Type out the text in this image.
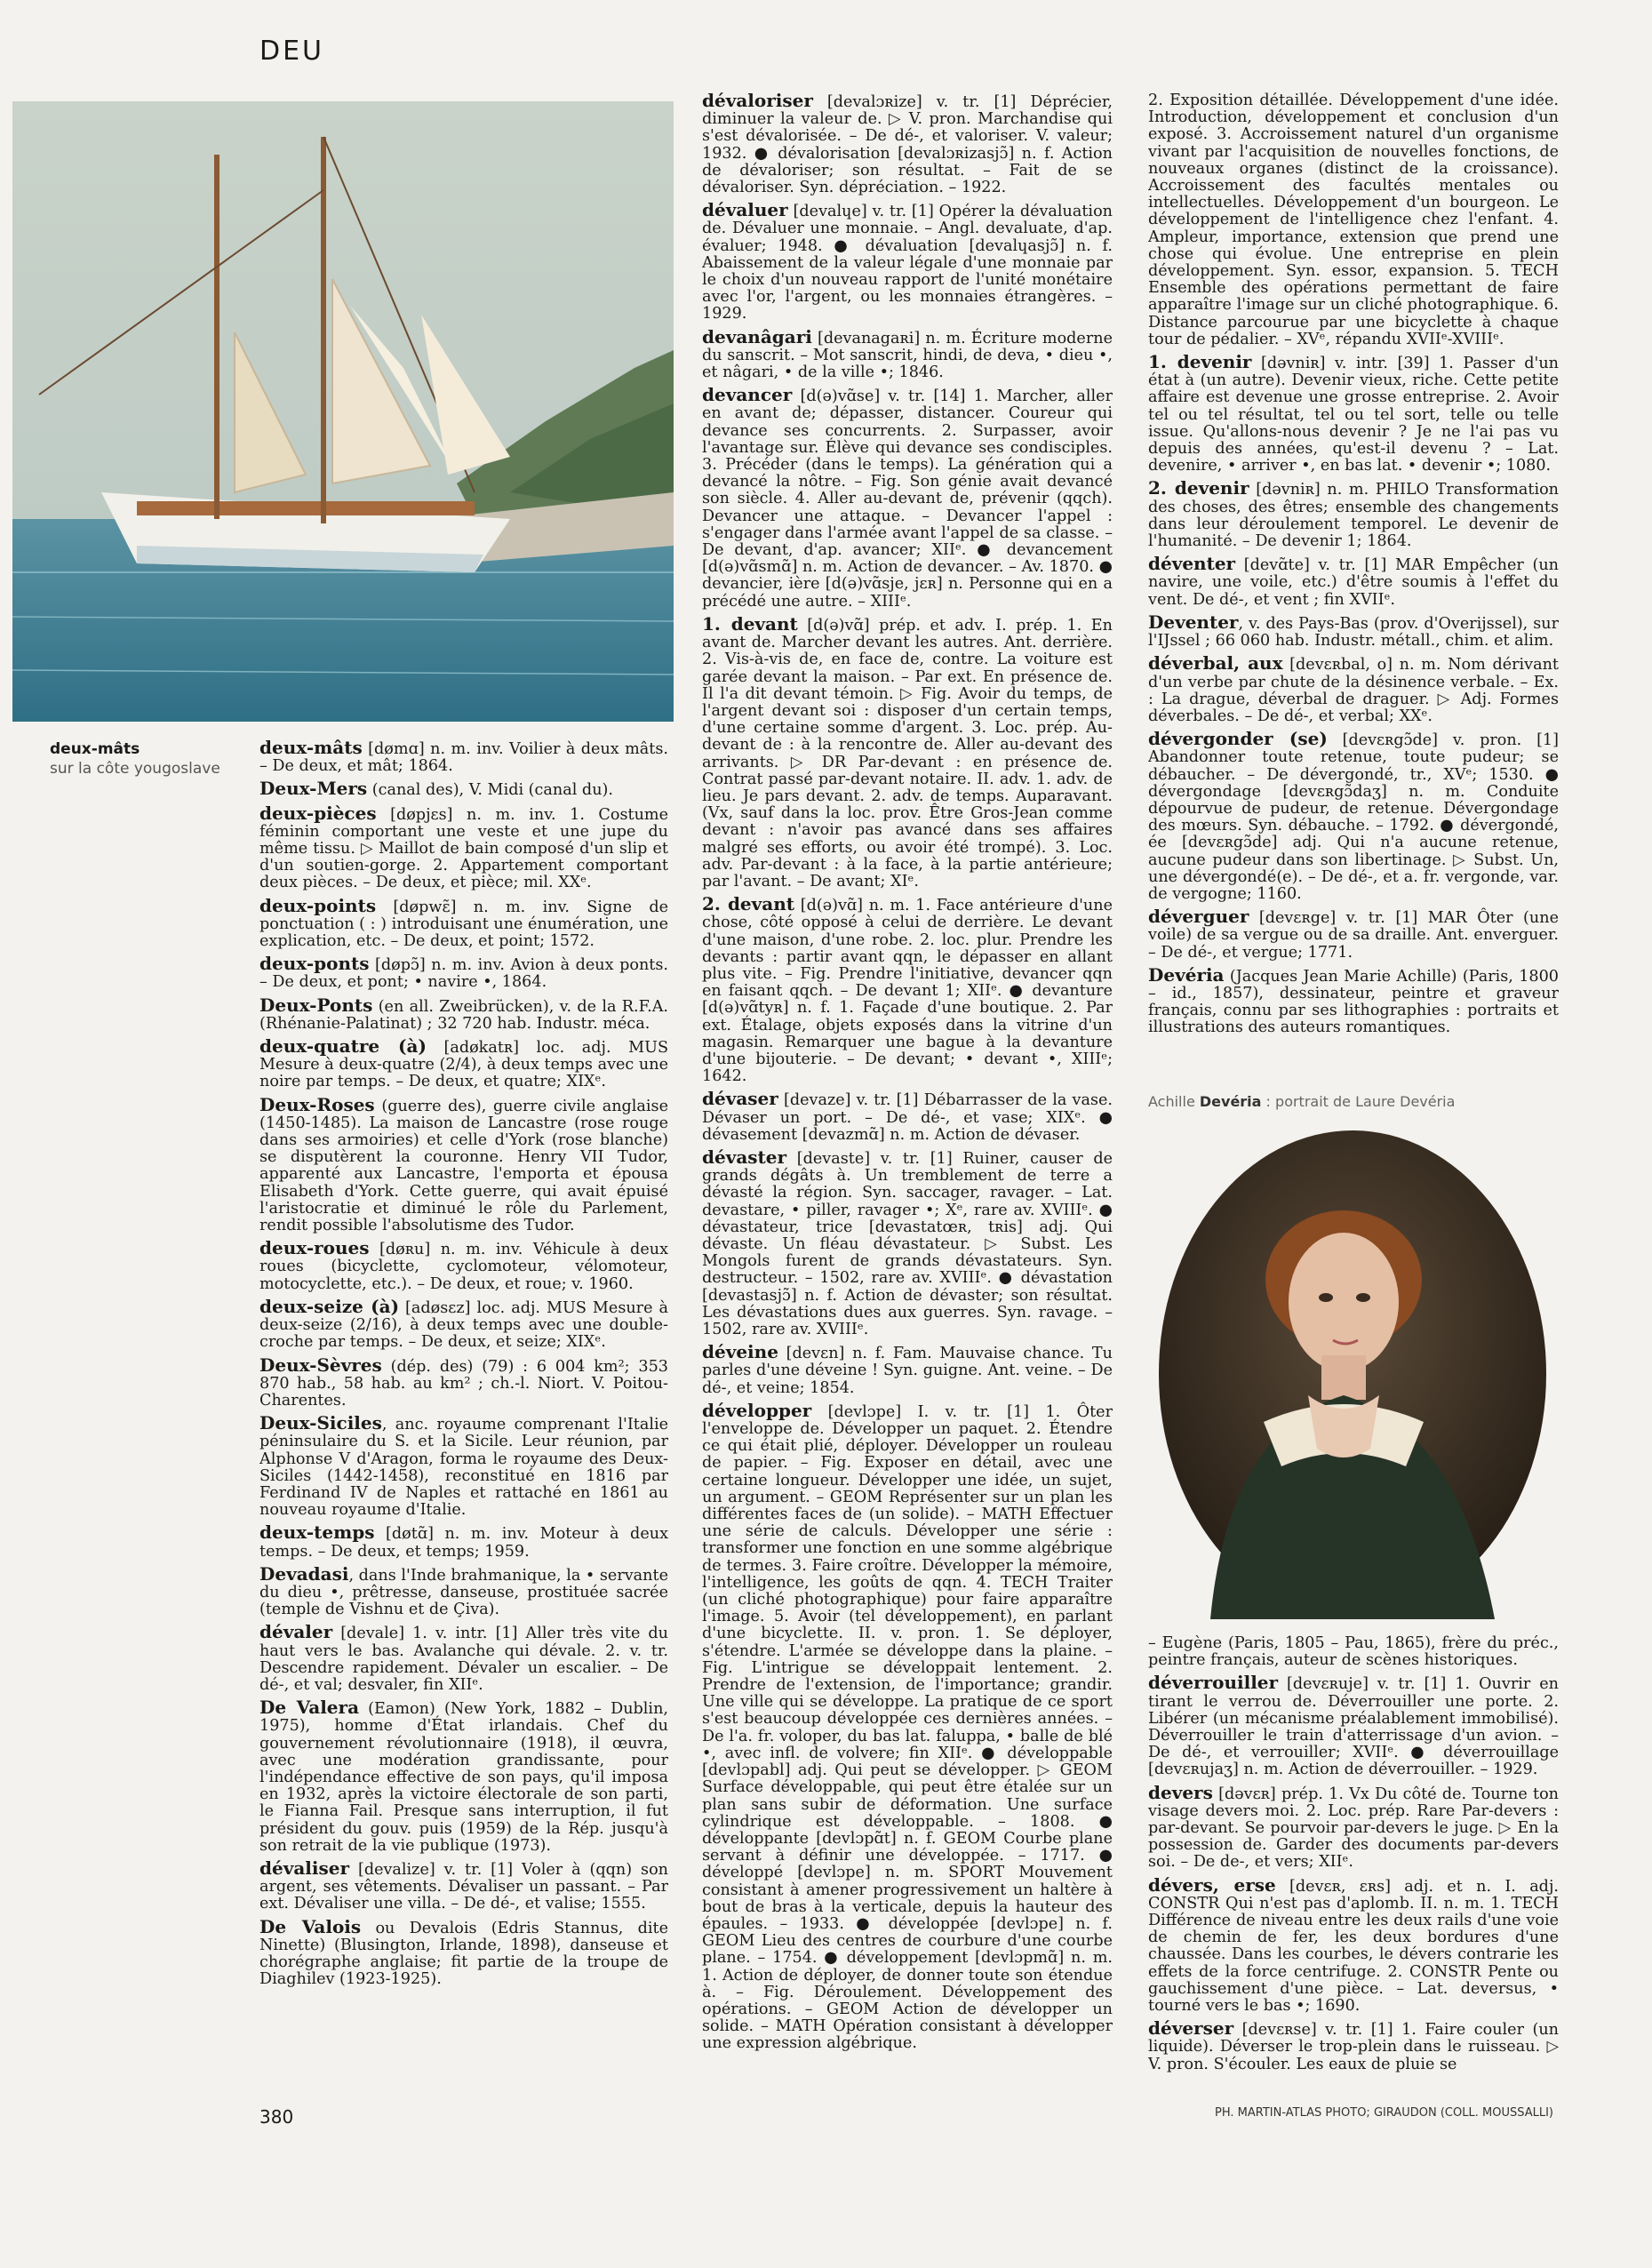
DEU
deux-mâts
sur la côte yougoslave

deux-mâts [dømɑ] n. m. inv. Voilier à deux mâts. – De deux, et mât; 1864.

Deux-Mers (canal des), V. Midi (canal du).

deux-pièces [døpjɛs] n. m. inv. 1. Costume féminin comportant une veste et une jupe du même tissu. ▷ Maillot de bain composé d'un slip et d'un soutien-gorge. 2. Appartement comportant deux pièces. – De deux, et pièce; mil. XXᵉ.

deux-points [døpwɛ̃] n. m. inv. Signe de ponctuation ( : ) introduisant une énumération, une explication, etc. – De deux, et point; 1572.

deux-ponts [døpɔ̃] n. m. inv. Avion à deux ponts. – De deux, et pont; • navire •, 1864.

Deux-Ponts (en all. Zweibrücken), v. de la R.F.A. (Rhénanie-Palatinat) ; 32 720 hab. Industr. méca.

deux-quatre (à) [adøkatʀ] loc. adj. MUS Mesure à deux-quatre (2/4), à deux temps avec une noire par temps. – De deux, et quatre; XIXᵉ.

Deux-Roses (guerre des), guerre civile anglaise (1450-1485). La maison de Lancastre (rose rouge dans ses armoiries) et celle d'York (rose blanche) se disputèrent la couronne. Henry VII Tudor, apparenté aux Lancastre, l'emporta et épousa Elisabeth d'York. Cette guerre, qui avait épuisé l'aristocratie et diminué le rôle du Parlement, rendit possible l'absolutisme des Tudor.

deux-roues [døʀu] n. m. inv. Véhicule à deux roues (bicyclette, cyclomoteur, vélomoteur, motocyclette, etc.). – De deux, et roue; v. 1960.

deux-seize (à) [adøsɛz] loc. adj. MUS Mesure à deux-seize (2/16), à deux temps avec une double-croche par temps. – De deux, et seize; XIXᵉ.

Deux-Sèvres (dép. des) (79) : 6 004 km²; 353 870 hab., 58 hab. au km² ; ch.-l. Niort. V. Poitou-Charentes.

Deux-Siciles, anc. royaume comprenant l'Italie péninsulaire du S. et la Sicile. Leur réunion, par Alphonse V d'Aragon, forma le royaume des Deux-Siciles (1442-1458), reconstitué en 1816 par Ferdinand IV de Naples et rattaché en 1861 au nouveau royaume d'Italie.

deux-temps [døtɑ̃] n. m. inv. Moteur à deux temps. – De deux, et temps; 1959.

Devadasi, dans l'Inde brahmanique, la • servante du dieu •, prêtresse, danseuse, prostituée sacrée (temple de Vishnu et de Çiva).

dévaler [devale] 1. v. intr. [1] Aller très vite du haut vers le bas. Avalanche qui dévale. 2. v. tr. Descendre rapidement. Dévaler un escalier. – De dé-, et val; desvaler, fin XIIᵉ.

De Valera (Eamon) (New York, 1882 – Dublin, 1975), homme d'État irlandais. Chef du gouvernement révolutionnaire (1918), il œuvra, avec une modération grandissante, pour l'indépendance effective de son pays, qu'il imposa en 1932, après la victoire électorale de son parti, le Fianna Fail. Presque sans interruption, il fut président du gouv. puis (1959) de la Rép. jusqu'à son retrait de la vie publique (1973).

dévaliser [devalize] v. tr. [1] Voler à (qqn) son argent, ses vêtements. Dévaliser un passant. – Par ext. Dévaliser une villa. – De dé-, et valise; 1555.

De Valois ou Devalois (Edris Stannus, dite Ninette) (Blusington, Irlande, 1898), danseuse et chorégraphe anglaise; fit partie de la troupe de Diaghilev (1923-1925).

dévaloriser [devalɔʀize] v. tr. [1] Déprécier, diminuer la valeur de. ▷ V. pron. Marchandise qui s'est dévalorisée. – De dé-, et valoriser. V. valeur; 1932. ● dévalorisation [devalɔʀizasjɔ̃] n. f. Action de dévaloriser; son résultat. – Fait de se dévaloriser. Syn. dépréciation. – 1922.

dévaluer [devalɥe] v. tr. [1] Opérer la dévaluation de. Dévaluer une monnaie. – Angl. devaluate, d'ap. évaluer; 1948. ● dévaluation [devalɥasjɔ̃] n. f. Abaissement de la valeur légale d'une monnaie par le choix d'un nouveau rapport de l'unité monétaire avec l'or, l'argent, ou les monnaies étrangères. – 1929.

devanâgari [devanagaʀi] n. m. Écriture moderne du sanscrit. – Mot sanscrit, hindi, de deva, • dieu •, et nâgari, • de la ville •; 1846.

devancer [d(ə)vɑ̃se] v. tr. [14] 1. Marcher, aller en avant de; dépasser, distancer. Coureur qui devance ses concurrents. 2. Surpasser, avoir l'avantage sur. Élève qui devance ses condisciples. 3. Précéder (dans le temps). La génération qui a devancé la nôtre. – Fig. Son génie avait devancé son siècle. 4. Aller au-devant de, prévenir (qqch). Devancer une attaque. – Devancer l'appel : s'engager dans l'armée avant l'appel de sa classe. – De devant, d'ap. avancer; XIIᵉ. ● devancement [d(ə)vɑ̃smɑ̃] n. m. Action de devancer. – Av. 1870. ● devancier, ière [d(ə)vɑ̃sje, jɛʀ] n. Personne qui en a précédé une autre. – XIIIᵉ.

1. devant [d(ə)vɑ̃] prép. et adv. I. prép. 1. En avant de. Marcher devant les autres. Ant. derrière. 2. Vis-à-vis de, en face de, contre. La voiture est garée devant la maison. – Par ext. En présence de. Il l'a dit devant témoin. ▷ Fig. Avoir du temps, de l'argent devant soi : disposer d'un certain temps, d'une certaine somme d'argent. 3. Loc. prép. Au-devant de : à la rencontre de. Aller au-devant des arrivants. ▷ DR Par-devant : en présence de. Contrat passé par-devant notaire. II. adv. 1. adv. de lieu. Je pars devant. 2. adv. de temps. Auparavant. (Vx, sauf dans la loc. prov. Être Gros-Jean comme devant : n'avoir pas avancé dans ses affaires malgré ses efforts, ou avoir été trompé). 3. Loc. adv. Par-devant : à la face, à la partie antérieure; par l'avant. – De avant; XIᵉ.

2. devant [d(ə)vɑ̃] n. m. 1. Face antérieure d'une chose, côté opposé à celui de derrière. Le devant d'une maison, d'une robe. 2. loc. plur. Prendre les devants : partir avant qqn, le dépasser en allant plus vite. – Fig. Prendre l'initiative, devancer qqn en faisant qqch. – De devant 1; XIIᵉ. ● devanture [d(ə)vɑ̃tyʀ] n. f. 1. Façade d'une boutique. 2. Par ext. Étalage, objets exposés dans la vitrine d'un magasin. Remarquer une bague à la devanture d'une bijouterie. – De devant; • devant •, XIIIᵉ; 1642.

dévaser [devaze] v. tr. [1] Débarrasser de la vase. Dévaser un port. – De dé-, et vase; XIXᵉ. ● dévasement [devazmɑ̃] n. m. Action de dévaser.

dévaster [devaste] v. tr. [1] Ruiner, causer de grands dégâts à. Un tremblement de terre a dévasté la région. Syn. saccager, ravager. – Lat. devastare, • piller, ravager •; Xᵉ, rare av. XVIIIᵉ. ● dévastateur, trice [devastatœʀ, tʀis] adj. Qui dévaste. Un fléau dévastateur. ▷ Subst. Les Mongols furent de grands dévastateurs. Syn. destructeur. – 1502, rare av. XVIIIᵉ. ● dévastation [devastasjɔ̃] n. f. Action de dévaster; son résultat. Les dévastations dues aux guerres. Syn. ravage. – 1502, rare av. XVIIIᵉ.

déveine [devɛn] n. f. Fam. Mauvaise chance. Tu parles d'une déveine ! Syn. guigne. Ant. veine. – De dé-, et veine; 1854.

développer [devlɔpe] I. v. tr. [1] 1. Ôter l'enveloppe de. Développer un paquet. 2. Étendre ce qui était plié, déployer. Développer un rouleau de papier. – Fig. Exposer en détail, avec une certaine longueur. Développer une idée, un sujet, un argument. – GEOM Représenter sur un plan les différentes faces de (un solide). – MATH Effectuer une série de calculs. Développer une série : transformer une fonction en une somme algébrique de termes. 3. Faire croître. Développer la mémoire, l'intelligence, les goûts de qqn. 4. TECH Traiter (un cliché photographique) pour faire apparaître l'image. 5. Avoir (tel développement), en parlant d'une bicyclette. II. v. pron. 1. Se déployer, s'étendre. L'armée se développe dans la plaine. – Fig. L'intrigue se développait lentement. 2. Prendre de l'extension, de l'importance; grandir. Une ville qui se développe. La pratique de ce sport s'est beaucoup développée ces dernières années. – De l'a. fr. voloper, du bas lat. faluppa, • balle de blé •, avec infl. de volvere; fin XIIᵉ. ● développable [devlɔpabl] adj. Qui peut se développer. ▷ GEOM Surface développable, qui peut être étalée sur un plan sans subir de déformation. Une surface cylindrique est développable. – 1808. ● développante [devlɔpɑ̃t] n. f. GEOM Courbe plane servant à définir une développée. – 1717. ● développé [devlɔpe] n. m. SPORT Mouvement consistant à amener progressivement un haltère à bout de bras à la verticale, depuis la hauteur des épaules. – 1933. ● développée [devlɔpe] n. f. GEOM Lieu des centres de courbure d'une courbe plane. – 1754. ● développement [devlɔpmɑ̃] n. m. 1. Action de déployer, de donner toute son étendue à. – Fig. Déroulement. Développement des opérations. – GEOM Action de développer un solide. – MATH Opération consistant à développer une expression algébrique.

2. Exposition détaillée. Développement d'une idée. Introduction, développement et conclusion d'un exposé. 3. Accroissement naturel d'un organisme vivant par l'acquisition de nouvelles fonctions, de nouveaux organes (distinct de la croissance). Accroissement des facultés mentales ou intellectuelles. Développement d'un bourgeon. Le développement de l'intelligence chez l'enfant. 4. Ampleur, importance, extension que prend une chose qui évolue. Une entreprise en plein développement. Syn. essor, expansion. 5. TECH Ensemble des opérations permettant de faire apparaître l'image sur un cliché photographique. 6. Distance parcourue par une bicyclette à chaque tour de pédalier. – XVᵉ, répandu XVIIᵉ-XVIIIᵉ.

1. devenir [dəvniʀ] v. intr. [39] 1. Passer d'un état à (un autre). Devenir vieux, riche. Cette petite affaire est devenue une grosse entreprise. 2. Avoir tel ou tel résultat, tel ou tel sort, telle ou telle issue. Qu'allons-nous devenir ? Je ne l'ai pas vu depuis des années, qu'est-il devenu ? – Lat. devenire, • arriver •, en bas lat. • devenir •; 1080.

2. devenir [dəvniʀ] n. m. PHILO Transformation des choses, des êtres; ensemble des changements dans leur déroulement temporel. Le devenir de l'humanité. – De devenir 1; 1864.

déventer [devɑ̃te] v. tr. [1] MAR Empêcher (un navire, une voile, etc.) d'être soumis à l'effet du vent. De dé-, et vent ; fin XVIIᵉ.

Deventer, v. des Pays-Bas (prov. d'Overijssel), sur l'IJssel ; 66 060 hab. Industr. métall., chim. et alim.

déverbal, aux [devɛʀbal, o] n. m. Nom dérivant d'un verbe par chute de la désinence verbale. – Ex. : La drague, déverbal de draguer. ▷ Adj. Formes déverbales. – De dé-, et verbal; XXᵉ.

dévergonder (se) [devɛʀgɔ̃de] v. pron. [1] Abandonner toute retenue, toute pudeur; se débaucher. – De dévergondé, tr., XVᵉ; 1530. ● dévergondage [devɛʀgɔ̃daʒ] n. m. Conduite dépourvue de pudeur, de retenue. Dévergondage des mœurs. Syn. débauche. – 1792. ● dévergondé, ée [devɛʀgɔ̃de] adj. Qui n'a aucune retenue, aucune pudeur dans son libertinage. ▷ Subst. Un, une dévergondé(e). – De dé-, et a. fr. vergonde, var. de vergogne; 1160.

déverguer [devɛʀge] v. tr. [1] MAR Ôter (une voile) de sa vergue ou de sa draille. Ant. enverguer. – De dé-, et vergue; 1771.

Devéria (Jacques Jean Marie Achille) (Paris, 1800 – id., 1857), dessinateur, peintre et graveur français, connu par ses lithographies : portraits et illustrations des auteurs romantiques.

Achille Devéria : portrait de Laure Devéria

– Eugène (Paris, 1805 – Pau, 1865), frère du préc., peintre français, auteur de scènes historiques.

déverrouiller [devɛʀuje] v. tr. [1] 1. Ouvrir en tirant le verrou de. Déverrouiller une porte. 2. Libérer (un mécanisme préalablement immobilisé). Déverrouiller le train d'atterrissage d'un avion. – De dé-, et verrouiller; XVIIᵉ. ● déverrouillage [devɛʀujaʒ] n. m. Action de déverrouiller. – 1929.

devers [dəvɛʀ] prép. 1. Vx Du côté de. Tourne ton visage devers moi. 2. Loc. prép. Rare Par-devers : par-devant. Se pourvoir par-devers le juge. ▷ En la possession de. Garder des documents par-devers soi. – De de-, et vers; XIIᵉ.

dévers, erse [devɛʀ, ɛʀs] adj. et n. I. adj. CONSTR Qui n'est pas d'aplomb. II. n. m. 1. TECH Différence de niveau entre les deux rails d'une voie de chemin de fer, les deux bordures d'une chaussée. Dans les courbes, le dévers contrarie les effets de la force centrifuge. 2. CONSTR Pente ou gauchissement d'une pièce. – Lat. deversus, • tourné vers le bas •; 1690.

déverser [devɛʀse] v. tr. [1] 1. Faire couler (un liquide). Déverser le trop-plein dans le ruisseau. ▷ V. pron. S'écouler. Les eaux de pluie se

380	PH. MARTIN-ATLAS PHOTO; GIRAUDON (COLL. MOUSSALLI)
